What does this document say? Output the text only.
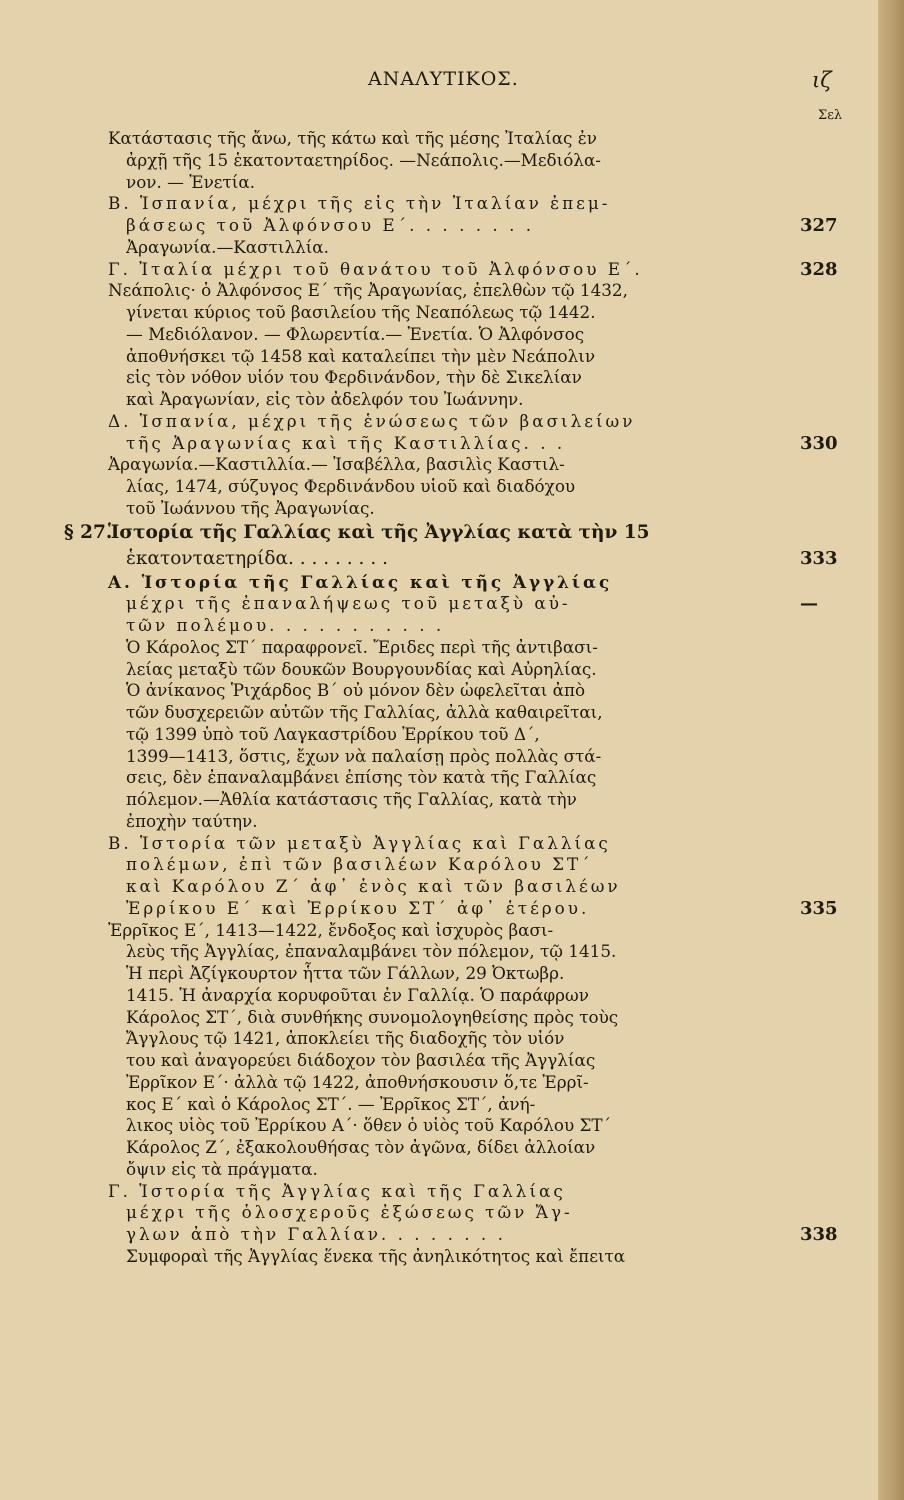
ΑΝΑΛΥΤΙΚΟΣ.	ιζ
Σελ
Κατάστασις τῆς ἄνω, τῆς κάτω καὶ τῆς μέσης Ἰταλίας ἐν
ἀρχῇ τῆς 15 ἑκατονταετηρίδος. —Νεάπολις.—Μεδιόλα-
νον. — Ἐνετία.
Β. Ἱσπανία, μέχρι τῆς εἰς τὴν Ἰταλίαν ἐπεμ-
βάσεως τοῦ Ἀλφόνσου Ε΄. . . . . . . .	327
Ἀραγωνία.—Καστιλλία.
Γ. Ἰταλία μέχρι τοῦ θανάτου τοῦ Ἀλφόνσου Ε΄.	328
Νεάπολις· ὁ Ἀλφόνσος Ε΄ τῆς Ἀραγωνίας, ἐπελθὼν τῷ 1432,
γίνεται κύριος τοῦ βασιλείου τῆς Νεαπόλεως τῷ 1442.
— Μεδιόλανον. — Φλωρεντία.— Ἐνετία. Ὁ Ἀλφόνσος
ἀποθνήσκει τῷ 1458 καὶ καταλείπει τὴν μὲν Νεάπολιν
εἰς τὸν νόθον υἱόν του Φερδινάνδον, τὴν δὲ Σικελίαν
καὶ Ἀραγωνίαν, εἰς τὸν ἀδελφόν του Ἰωάννην.
Δ. Ἱσπανία, μέχρι τῆς ἑνώσεως τῶν βασιλείων
τῆς Ἀραγωνίας καὶ τῆς Καστιλλίας. . .	330
Ἀραγωνία.—Καστιλλία.— Ἰσαβέλλα, βασιλὶς Καστιλ-
λίας, 1474, σύζυγος Φερδινάνδου υἱοῦ καὶ διαδόχου
τοῦ Ἰωάννου τῆς Ἀραγωνίας.
§ 27.
Ἱστορία τῆς Γαλλίας καὶ τῆς Ἀγγλίας κατὰ τὴν 15
ἑκατονταετηρίδα. . . . . . . . .	333
Α. Ἱστορία τῆς Γαλλίας καὶ τῆς Ἀγγλίας
μέχρι τῆς ἐπαναλήψεως τοῦ μεταξὺ αὐ-	—
τῶν πολέμου. . . . . . . . . . .
Ὁ Κάρολος ΣΤ΄ παραφρονεῖ. Ἔριδες περὶ τῆς ἀντιβασι-
λείας μεταξὺ τῶν δουκῶν Βουργουνδίας καὶ Αὐρηλίας.
Ὁ ἀνίκανος Ῥιχάρδος Β΄ οὐ μόνον δὲν ὠφελεῖται ἀπὸ
τῶν δυσχερειῶν αὐτῶν τῆς Γαλλίας, ἀλλὰ καθαιρεῖται,
τῷ 1399 ὑπὸ τοῦ Λαγκαστρίδου Ἐρρίκου τοῦ Δ΄,
1399—1413, ὅστις, ἔχων νὰ παλαίσῃ πρὸς πολλὰς στά-
σεις, δὲν ἐπαναλαμβάνει ἐπίσης τὸν κατὰ τῆς Γαλλίας
πόλεμον.—Ἀθλία κατάστασις τῆς Γαλλίας, κατὰ τὴν
ἐποχὴν ταύτην.
Β. Ἱστορία τῶν μεταξὺ Ἀγγλίας καὶ Γαλλίας
πολέμων, ἐπὶ τῶν βασιλέων Καρόλου ΣΤ΄
καὶ Καρόλου Ζ΄ ἀφ᾽ ἑνὸς καὶ τῶν βασιλέων
Ἐρρίκου Ε΄ καὶ Ἐρρίκου ΣΤ΄ ἀφ᾽ ἑτέρου.	335
Ἐρρῖκος Ε΄, 1413—1422, ἔνδοξος καὶ ἰσχυρὸς βασι-
λεὺς τῆς Ἀγγλίας, ἐπαναλαμβάνει τὸν πόλεμον, τῷ 1415.
Ἡ περὶ Ἀζίγκουρτον ἧττα τῶν Γάλλων, 29 Ὀκτωβρ.
1415. Ἡ ἀναρχία κορυφοῦται ἐν Γαλλίᾳ. Ὁ παράφρων
Κάρολος ΣΤ΄, διὰ συνθήκης συνομολογηθείσης πρὸς τοὺς
Ἄγγλους τῷ 1421, ἀποκλείει τῆς διαδοχῆς τὸν υἱόν
του καὶ ἀναγορεύει διάδοχον τὸν βασιλέα τῆς Ἀγγλίας
Ἐρρῖκον Ε΄· ἀλλὰ τῷ 1422, ἀποθνήσκουσιν ὅ,τε Ἐρρῖ-
κος Ε΄ καὶ ὁ Κάρολος ΣΤ΄. — Ἐρρῖκος ΣΤ΄, ἀνή-
λικος υἱὸς τοῦ Ἐρρίκου Α΄· ὅθεν ὁ υἱὸς τοῦ Καρόλου ΣΤ΄
Κάρολος Ζ΄, ἐξακολουθήσας τὸν ἀγῶνα, δίδει ἀλλοίαν
ὄψιν εἰς τὰ πράγματα.
Γ. Ἱστορία τῆς Ἀγγλίας καὶ τῆς Γαλλίας
μέχρι τῆς ὁλοσχεροῦς ἐξώσεως τῶν Ἄγ-
γλων ἀπὸ τὴν Γαλλίαν. . . . . . . .	338
Συμφοραὶ τῆς Ἀγγλίας ἕνεκα τῆς ἀνηλικότητος καὶ ἔπειτα
